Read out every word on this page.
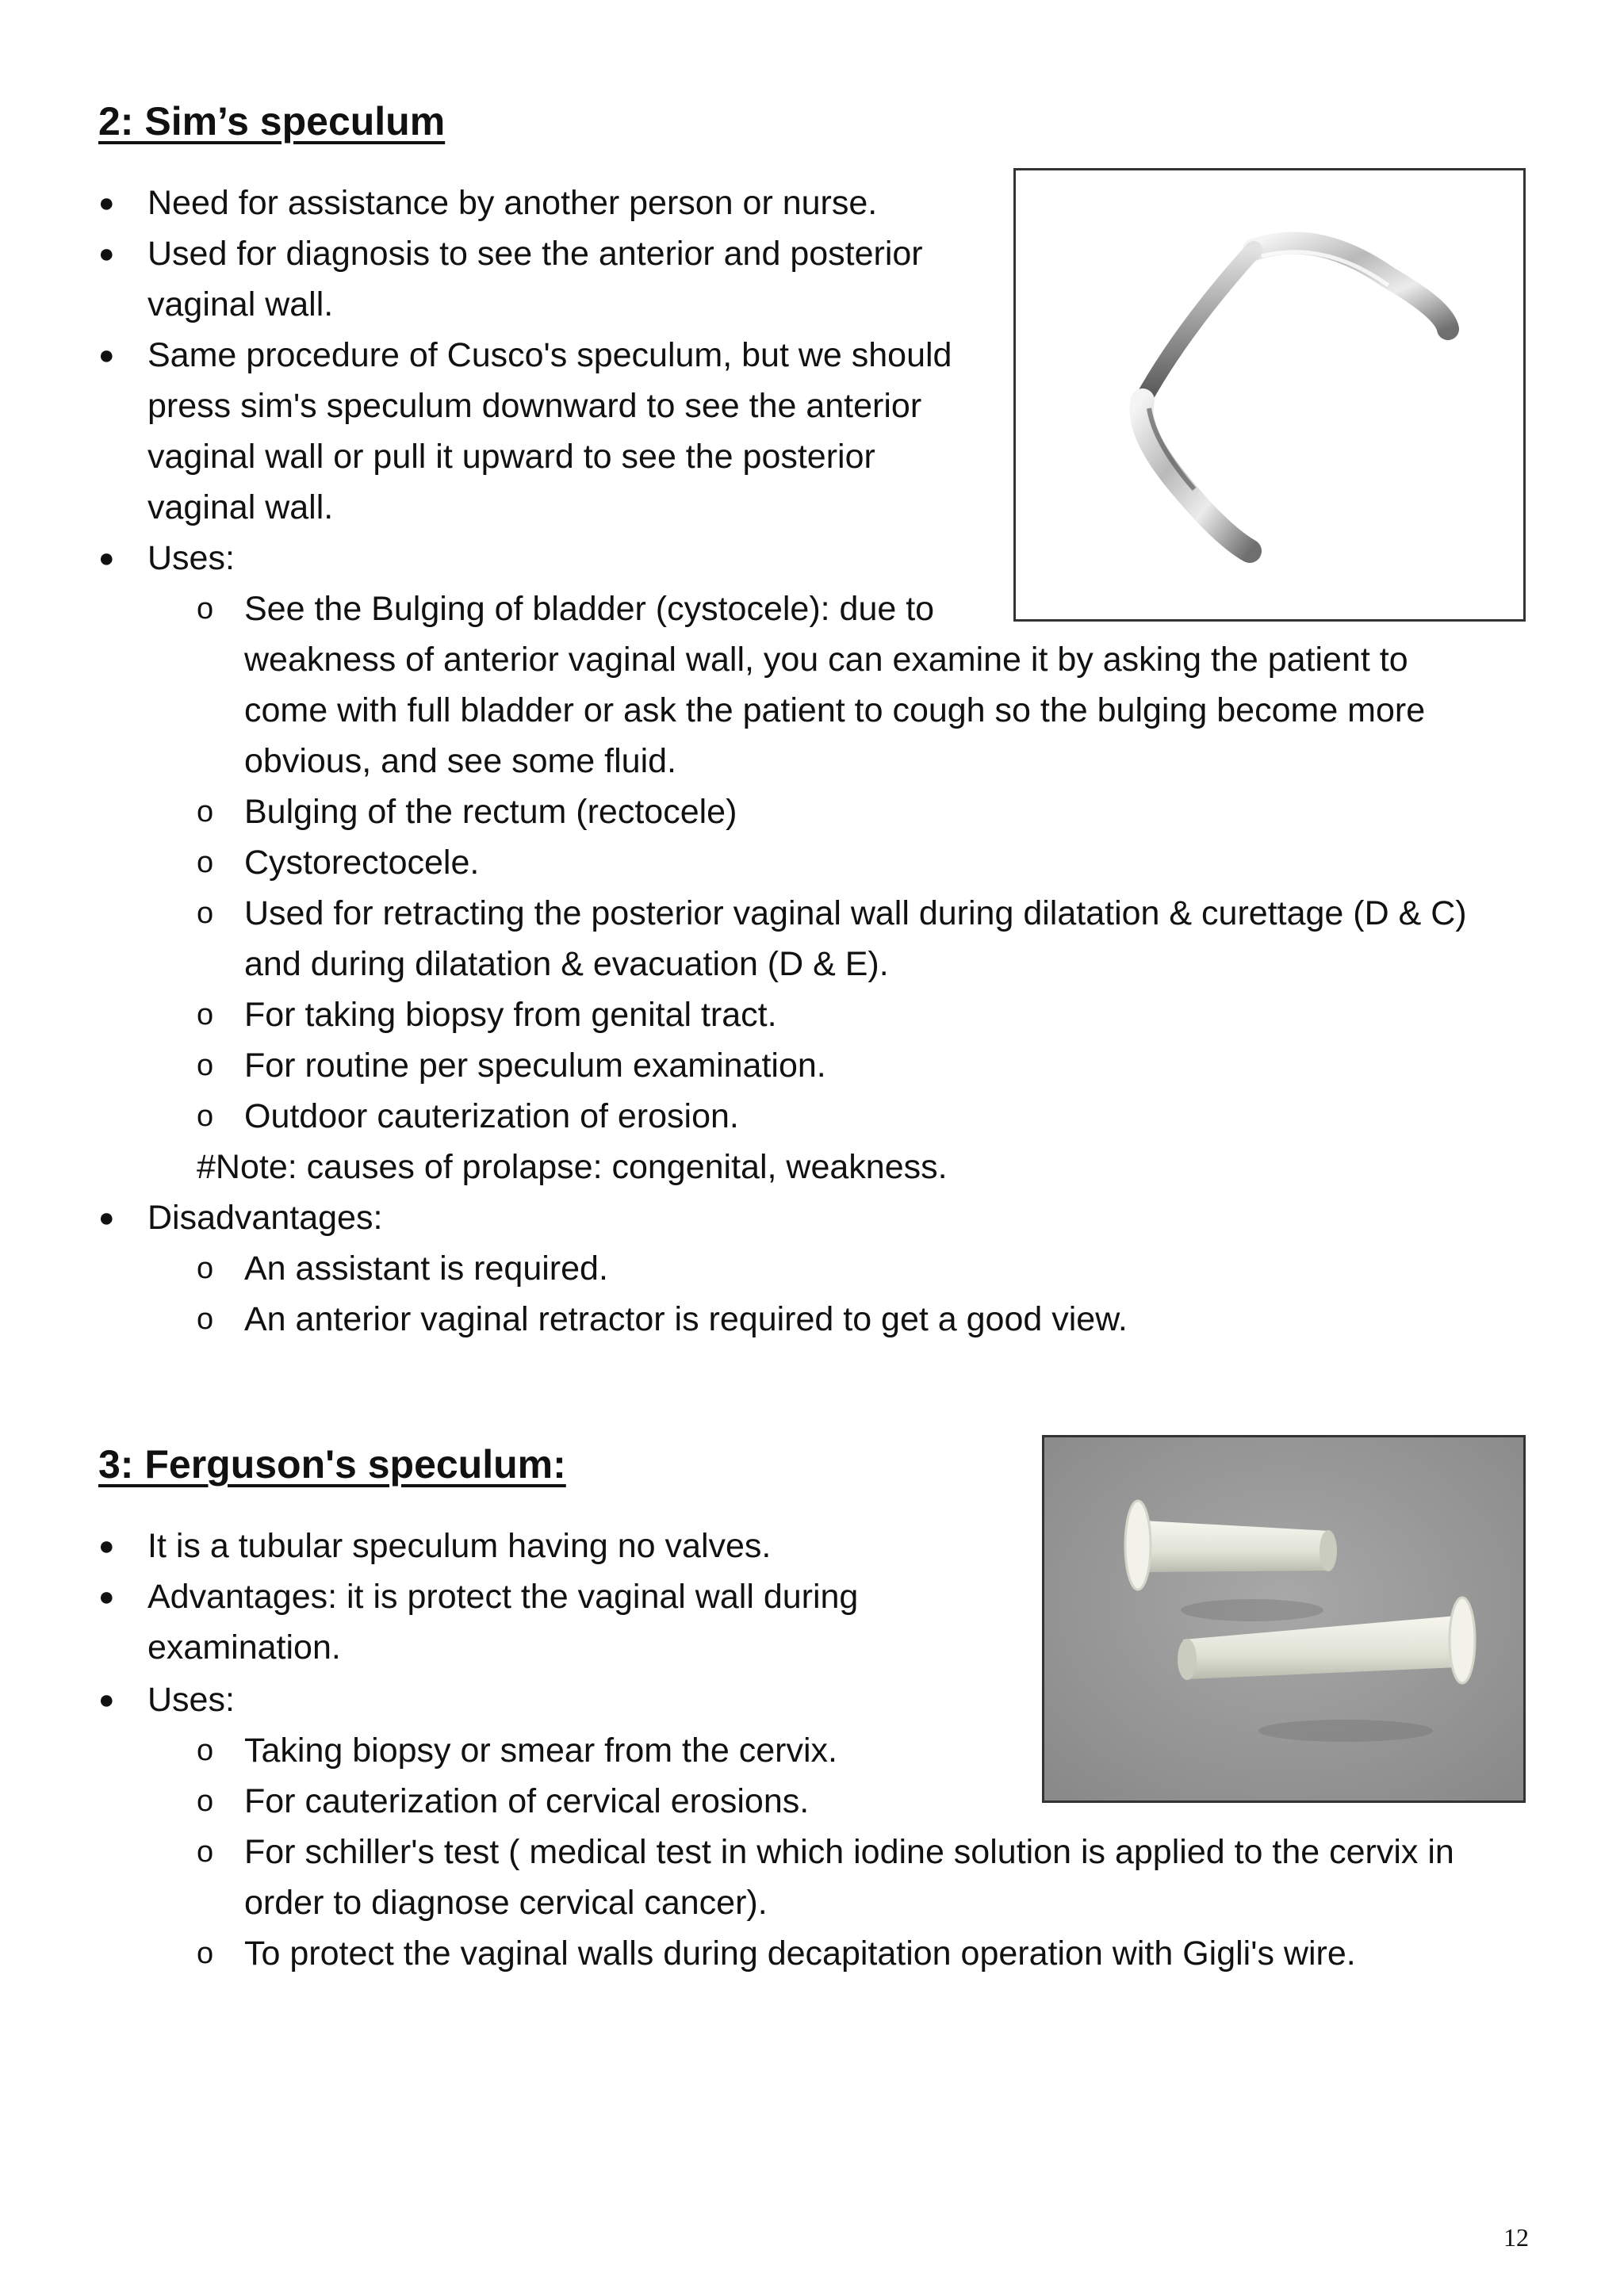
2: Sim’s speculum
● Need for assistance by another person or nurse.
● Used for diagnosis to see the anterior and posterior
vaginal wall.
● Same procedure of Cusco's speculum, but we should
press sim's speculum downward to see the anterior
vaginal wall or pull it upward to see the posterior
vaginal wall.
● Uses:
o See the Bulging of bladder (cystocele): due to
weakness of anterior vaginal wall, you can examine it by asking the patient to
come with full bladder or ask the patient to cough so the bulging become more
obvious, and see some fluid.
o Bulging of the rectum (rectocele)
o Cystorectocele.
o Used for retracting the posterior vaginal wall during dilatation & curettage (D & C)
and during dilatation & evacuation (D & E).
o For taking biopsy from genital tract.
o For routine per speculum examination.
o Outdoor cauterization of erosion.
#Note: causes of prolapse: congenital, weakness.
● Disadvantages:
o An assistant is required.
o An anterior vaginal retractor is required to get a good view.
3: Ferguson's speculum:
● It is a tubular speculum having no valves.
● Advantages: it is protect the vaginal wall during
examination.
● Uses:
o Taking biopsy or smear from the cervix.
o For cauterization of cervical erosions.
o For schiller's test ( medical test in which iodine solution is applied to the cervix in
order to diagnose cervical cancer).
o To protect the vaginal walls during decapitation operation with Gigli's wire.
12
